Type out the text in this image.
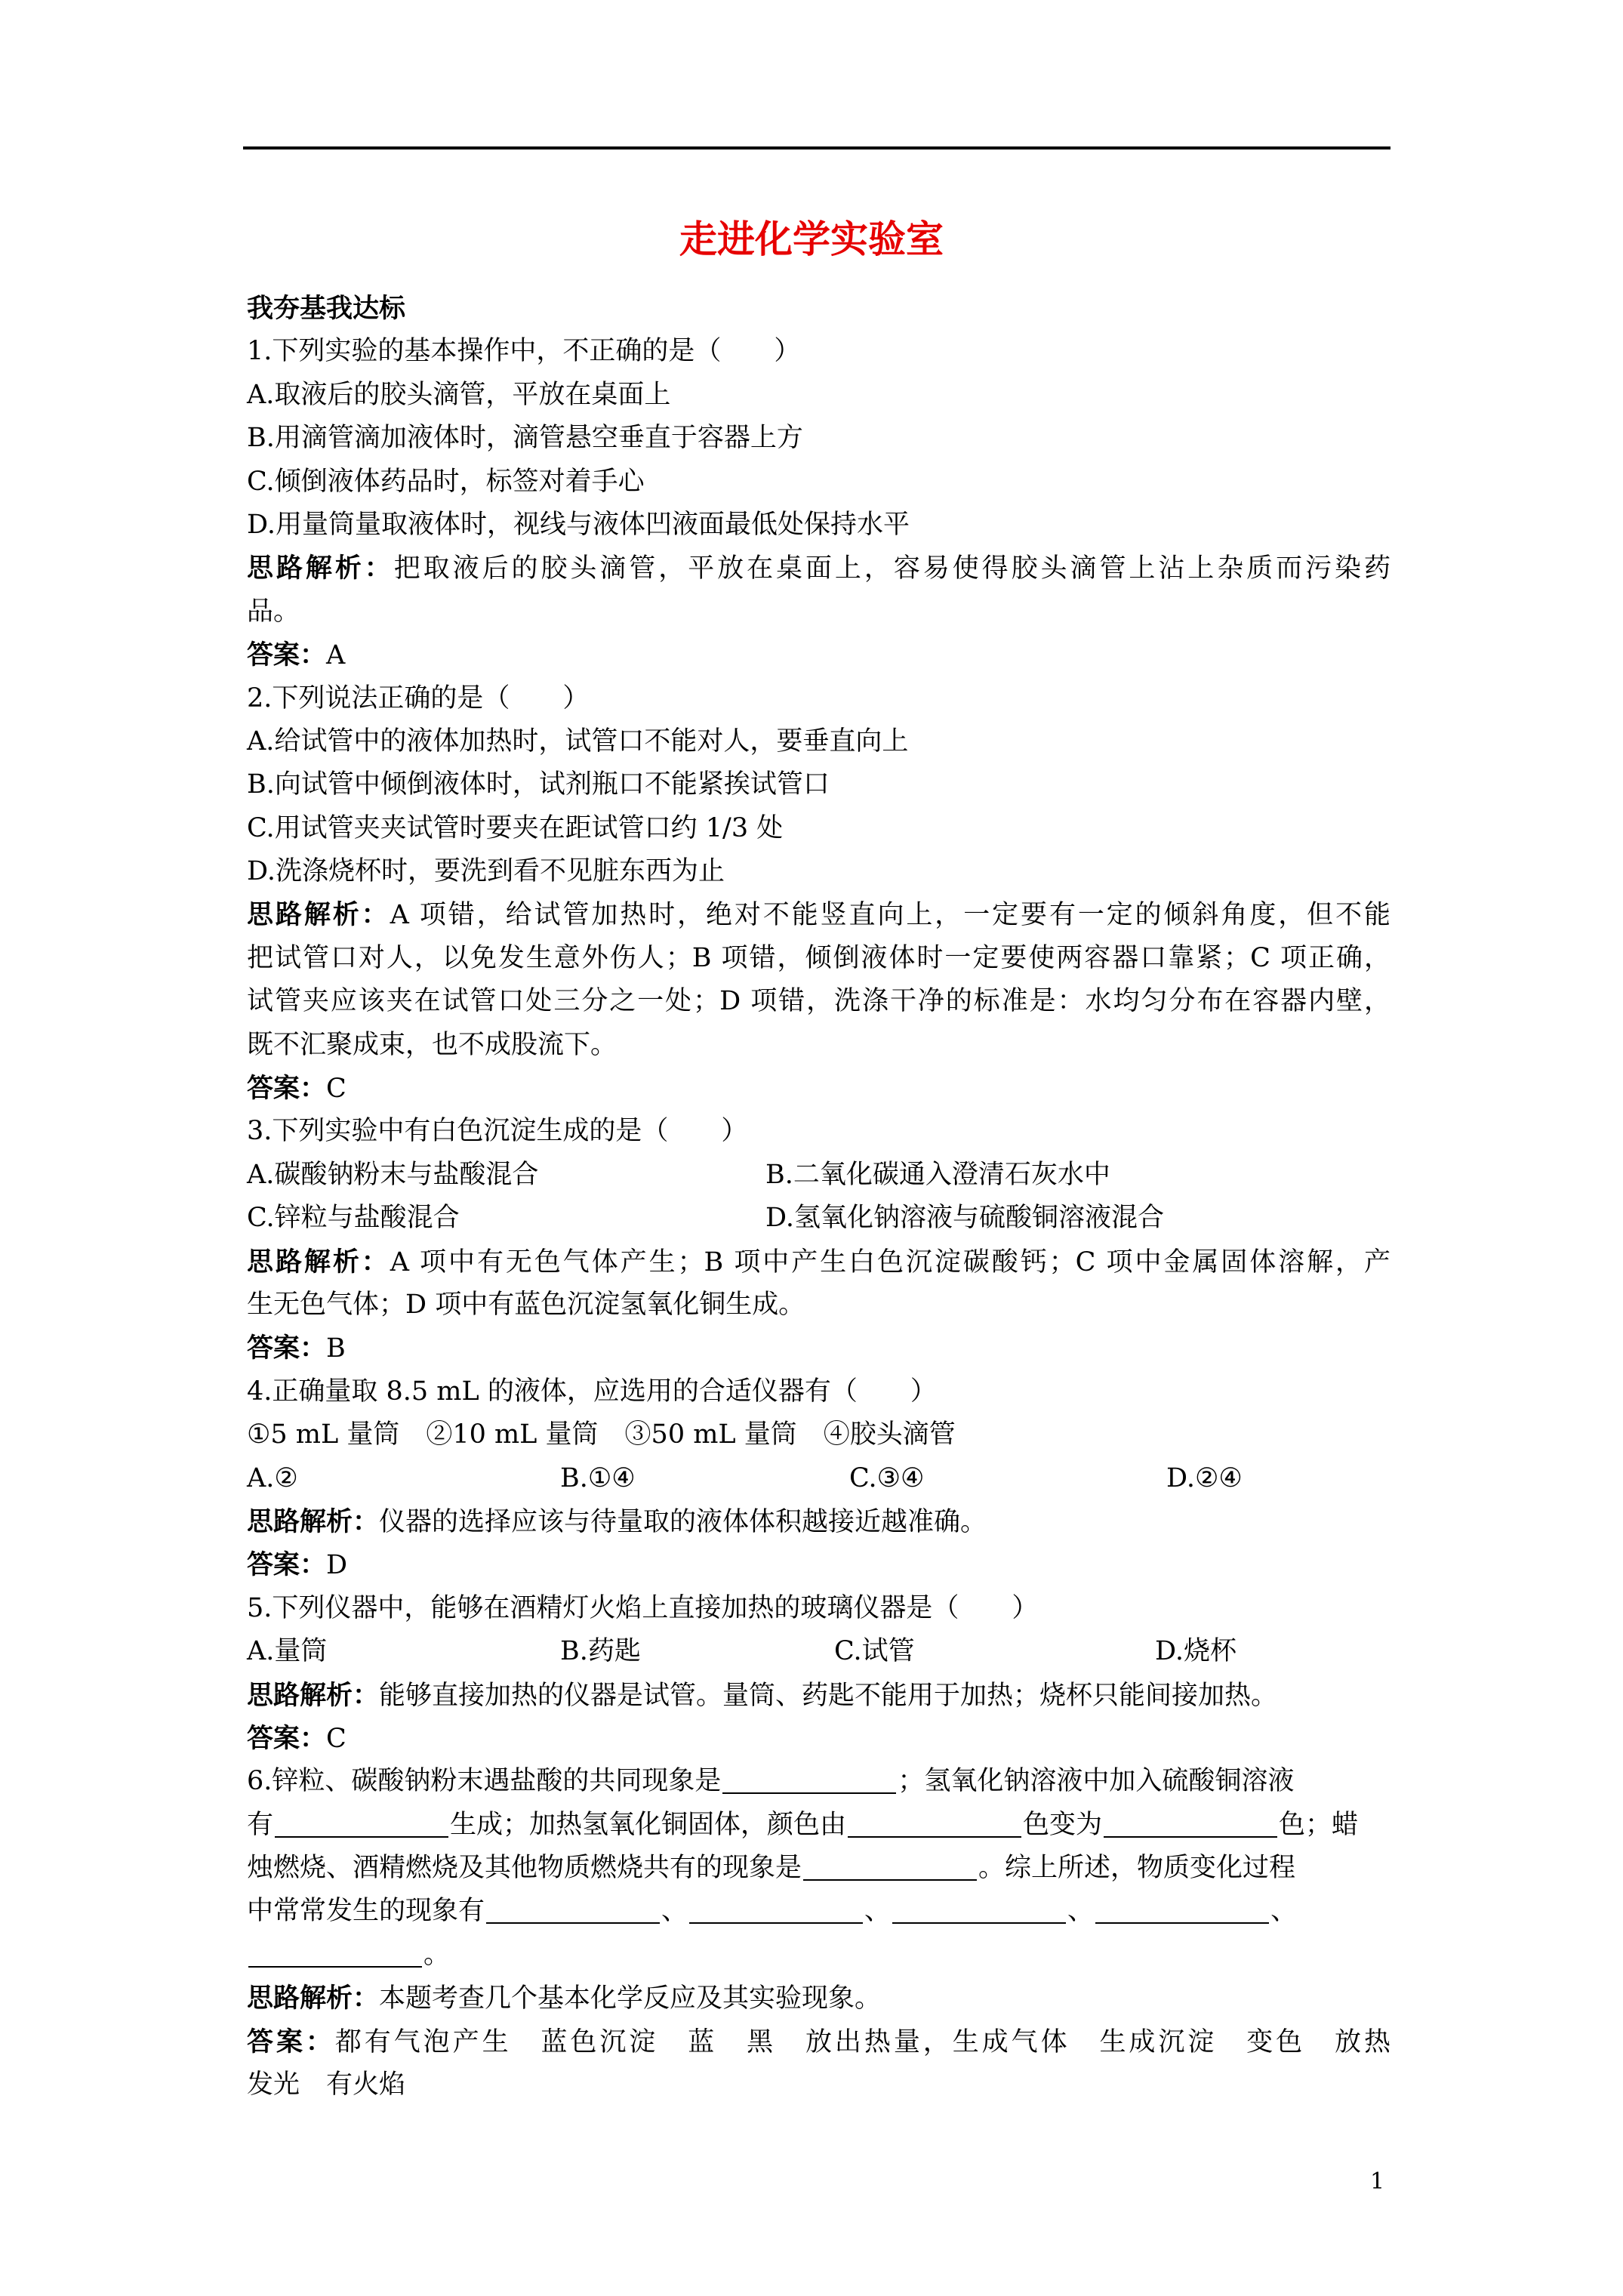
走进化学实验室
我夯基我达标
1.下列实验的基本操作中，不正确的是（　　）
A.取液后的胶头滴管，平放在桌面上
B.用滴管滴加液体时，滴管悬空垂直于容器上方
C.倾倒液体药品时，标签对着手心
D.用量筒量取液体时，视线与液体凹液面最低处保持水平
思路解析：把取液后的胶头滴管，平放在桌面上，容易使得胶头滴管上沾上杂质而污染药
品。
答案：A
2.下列说法正确的是（　　）
A.给试管中的液体加热时，试管口不能对人，要垂直向上
B.向试管中倾倒液体时，试剂瓶口不能紧挨试管口
C.用试管夹夹试管时要夹在距试管口约 1/3 处
D.洗涤烧杯时，要洗到看不见脏东西为止
思路解析：A 项错，给试管加热时，绝对不能竖直向上，一定要有一定的倾斜角度，但不能
把试管口对人，以免发生意外伤人；B 项错，倾倒液体时一定要使两容器口靠紧；C 项正确，
试管夹应该夹在试管口处三分之一处；D 项错，洗涤干净的标准是：水均匀分布在容器内壁，
既不汇聚成束，也不成股流下。
答案：C
3.下列实验中有白色沉淀生成的是（　　）
A.碳酸钠粉末与盐酸混合	B.二氧化碳通入澄清石灰水中
C.锌粒与盐酸混合	D.氢氧化钠溶液与硫酸铜溶液混合
思路解析：A 项中有无色气体产生；B 项中产生白色沉淀碳酸钙；C 项中金属固体溶解，产
生无色气体；D 项中有蓝色沉淀氢氧化铜生成。
答案：B
4.正确量取 8.5 mL 的液体，应选用的合适仪器有（　　）
①5 mL 量筒　②10 mL 量筒　③50 mL 量筒　④胶头滴管
A.②	B.①④	C.③④	D.②④
思路解析：仪器的选择应该与待量取的液体体积越接近越准确。
答案：D
5.下列仪器中，能够在酒精灯火焰上直接加热的玻璃仪器是（　　）
A.量筒	B.药匙	C.试管	D.烧杯
思路解析：能够直接加热的仪器是试管。量筒、药匙不能用于加热；烧杯只能间接加热。
答案：C
6.锌粒、碳酸钠粉末遇盐酸的共同现象是	；氢氧化钠溶液中加入硫酸铜溶液
有	生成；加热氢氧化铜固体，颜色由	色变为	色；蜡
烛燃烧、酒精燃烧及其他物质燃烧共有的现象是	。综上所述，物质变化过程
中常常发生的现象有	、	、	、	、
。
思路解析：本题考查几个基本化学反应及其实验现象。
答案：都有气泡产生　蓝色沉淀　蓝　黑　放出热量，生成气体　生成沉淀　变色　放热
发光　有火焰
1
